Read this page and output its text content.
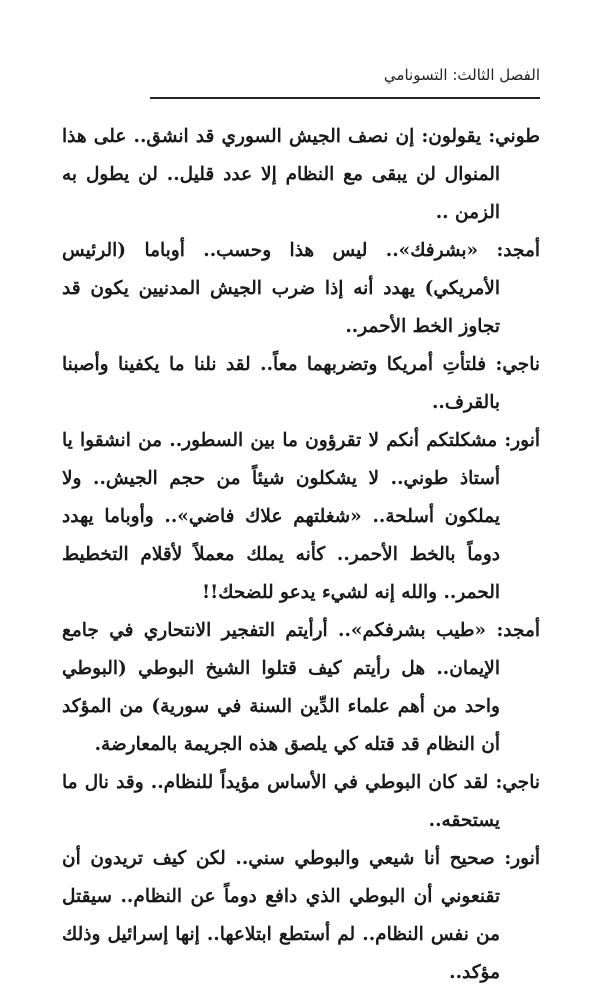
الفصل الثالث: التسونامي

طوني: يقولون: إن نصف الجيش السوري قد انشق.. على هذا المنوال لن يبقى مع النظام إلا عدد قليل.. لن يطول به الزمن ..

أمجد: «بشرفك».. ليس هذا وحسب.. أوباما (الرئيس الأمريكي) يهدد أنه إذا ضرب الجيش المدنيين يكون قد تجاوز الخط الأحمر..

ناجي: فلتأتِ أمريكا وتضربهما معاً.. لقد نلنا ما يكفينا وأصبنا بالقرف..

أنور: مشكلتكم أنكم لا تقرؤون ما بين السطور.. من انشقوا يا أستاذ طوني.. لا يشكلون شيئاً من حجم الجيش.. ولا يملكون أسلحة.. «شغلتهم علاك فاضي».. وأوباما يهدد دوماً بالخط الأحمر.. كأنه يملك معملاً لأقلام التخطيط الحمر.. والله إنه لشيء يدعو للضحك!!

أمجد: «طيب بشرفكم».. أرأيتم التفجير الانتحاري في جامع الإيمان.. هل رأيتم كيف قتلوا الشيخ البوطي (البوطي واحد من أهم علماء الدِّين السنة في سورية) من المؤكد أن النظام قد قتله كي يلصق هذه الجريمة بالمعارضة.

ناجي: لقد كان البوطي في الأساس مؤيداً للنظام.. وقد نال ما يستحقه..

أنور: صحيح أنا شيعي والبوطي سني.. لكن كيف تريدون أن تقنعوني أن البوطي الذي دافع دوماً عن النظام.. سيقتل من نفس النظام.. لم أستطع ابتلاعها.. إنها إسرائيل وذلك مؤكد..
